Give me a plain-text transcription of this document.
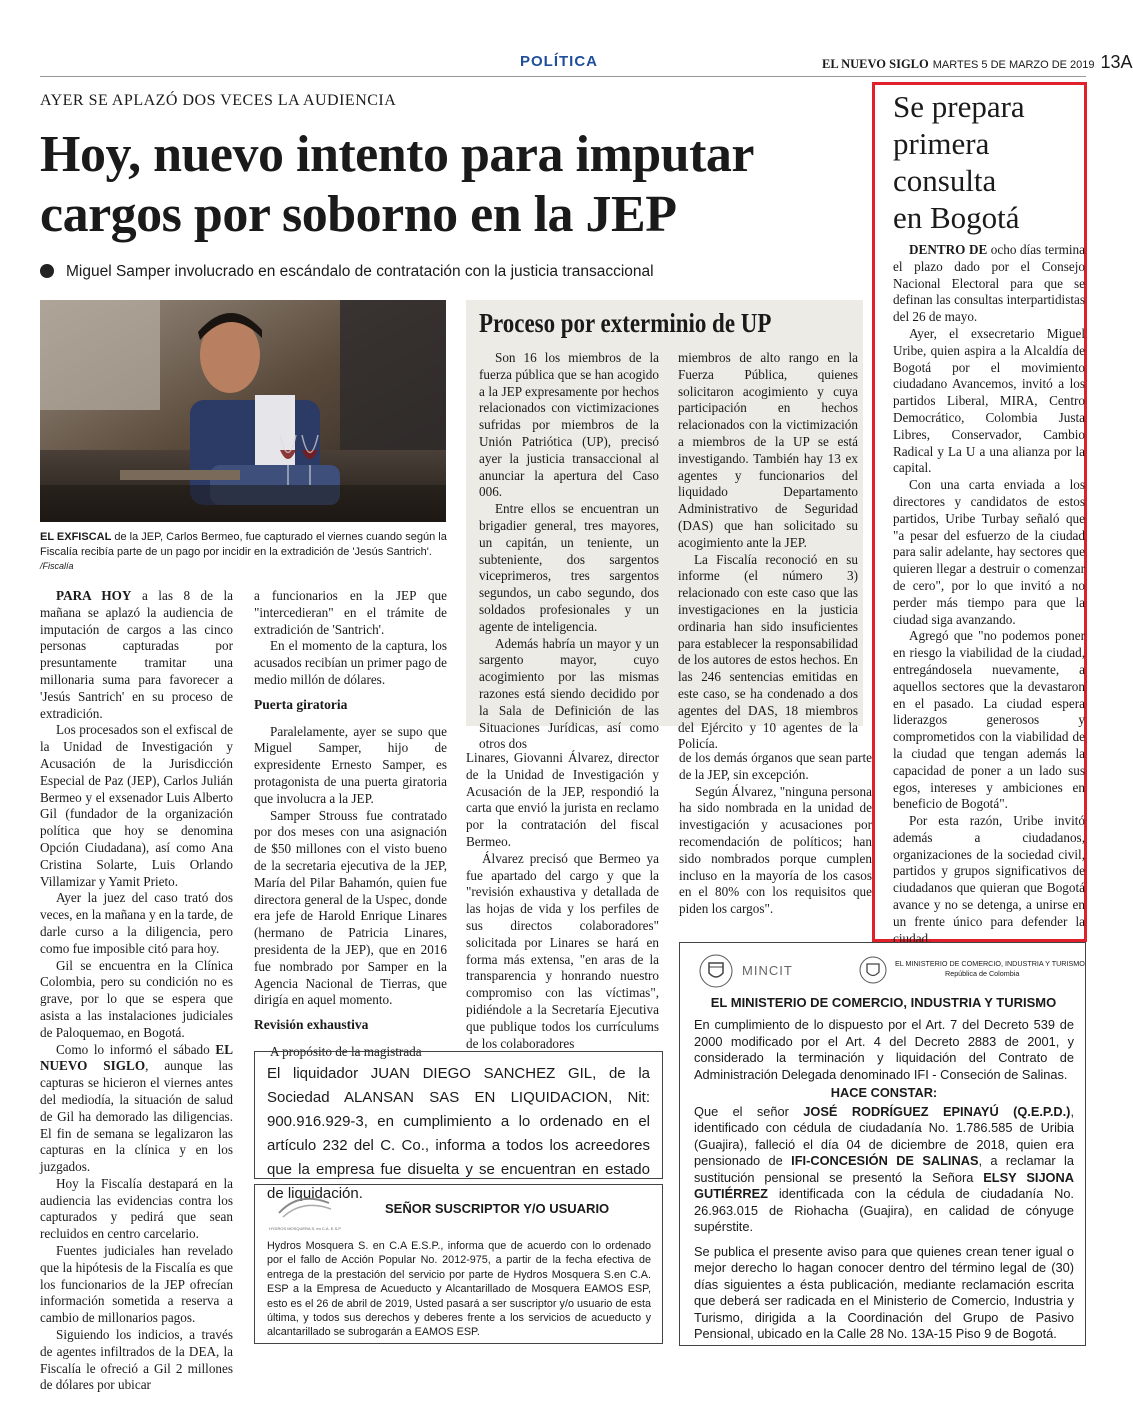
POLÍTICA	EL NUEVO SIGLO MARTES 5 DE MARZO DE 2019 13A
AYER SE APLAZÓ DOS VECES LA AUDIENCIA
Hoy, nuevo intento para imputar
cargos por soborno en la JEP
Miguel Samper involucrado en escándalo de contratación con la justicia transaccional
EL EXFISCAL de la JEP, Carlos Bermeo, fue capturado el viernes cuando según la Fiscalía recibía parte de un pago por incidir en la extradición de 'Jesús Santrich'. /Fiscalía

PARA HOY a las 8 de la mañana se aplazó la audiencia de imputación de cargos a las cinco personas capturadas por presuntamente tramitar una millonaria suma para favorecer a 'Jesús Santrich' en su proceso de extradición.

Los procesados son el exfiscal de la Unidad de Investigación y Acusación de la Jurisdicción Especial de Paz (JEP), Carlos Julián Bermeo y el exsenador Luis Alberto Gil (fundador de la organización política que hoy se denomina Opción Ciudadana), así como Ana Cristina Solarte, Luis Orlando Villamizar y Yamit Prieto.

Ayer la juez del caso trató dos veces, en la mañana y en la tarde, de darle curso a la diligencia, pero como fue imposible citó para hoy.

Gil se encuentra en la Clínica Colombia, pero su condición no es grave, por lo que se espera que asista a las instalaciones judiciales de Paloquemao, en Bogotá.

Como lo informó el sábado EL NUEVO SIGLO, aunque las capturas se hicieron el viernes antes del mediodía, la situación de salud de Gil ha demorado las diligencias. El fin de semana se legalizaron las capturas en la clínica y en los juzgados.

Hoy la Fiscalía destapará en la audiencia las evidencias contra los capturados y pedirá que sean recluidos en centro carcelario.

Fuentes judiciales han revelado que la hipótesis de la Fiscalía es que los funcionarios de la JEP ofrecían información sometida a reserva a cambio de millonarios pagos.

Siguiendo los indicios, a través de agentes infiltrados de la DEA, la Fiscalía le ofreció a Gil 2 millones de dólares por ubicar

a funcionarios en la JEP que "intercedieran" en el trámite de extradición de 'Santrich'.

En el momento de la captura, los acusados recibían un primer pago de medio millón de dólares.

Puerta giratoria

Paralelamente, ayer se supo que Miguel Samper, hijo de expresidente Ernesto Samper, es protagonista de una puerta giratoria que involucra a la JEP.

Samper Strouss fue contratado por dos meses con una asignación de $50 millones con el visto bueno de la secretaria ejecutiva de la JEP, María del Pilar Bahamón, quien fue directora general de la Uspec, donde era jefe de Harold Enrique Linares (hermano de Patricia Linares, presidenta de la JEP), que en 2016 fue nombrado por Samper en la Agencia Nacional de Tierras, que dirigía en aquel momento.

Revisión exhaustiva

A propósito de la magistrada

Proceso por exterminio de UP

Son 16 los miembros de la fuerza pública que se han acogido a la JEP expresamente por hechos relacionados con victimizaciones sufridas por miembros de la Unión Patriótica (UP), precisó ayer la justicia transaccional al anunciar la apertura del Caso 006.

Entre ellos se encuentran un brigadier general, tres mayores, un capitán, un teniente, un subteniente, dos sargentos viceprimeros, tres sargentos segundos, un cabo segundo, dos soldados profesionales y un agente de inteligencia.

Además habría un mayor y un sargento mayor, cuyo acogimiento por las mismas razones está siendo decidido por la Sala de Definición de las Situaciones Jurídicas, así como otros dos

miembros de alto rango en la Fuerza Pública, quienes solicitaron acogimiento y cuya participación en hechos relacionados con la victimización a miembros de la UP se está investigando. También hay 13 ex agentes y funcionarios del liquidado Departamento Administrativo de Seguridad (DAS) que han solicitado su acogimiento ante la JEP.

La Fiscalía reconoció en su informe (el número 3) relacionado con este caso que las investigaciones en la justicia ordinaria han sido insuficientes para establecer la responsabilidad de los autores de estos hechos. En las 246 sentencias emitidas en este caso, se ha condenado a dos agentes del DAS, 18 miembros del Ejército y 10 agentes de la Policía.

Linares, Giovanni Álvarez, director de la Unidad de Investigación y Acusación de la JEP, respondió la carta que envió la jurista en reclamo por la contratación del fiscal Bermeo.

Álvarez precisó que Bermeo ya fue apartado del cargo y que la "revisión exhaustiva y detallada de las hojas de vida y los perfiles de sus directos colaboradores" solicitada por Linares se hará en forma más extensa, "en aras de la transparencia y honrando nuestro compromiso con las víctimas", pidiéndole a la Secretaría Ejecutiva que publique todos los currículums de los colaboradores

de los demás órganos que sean parte de la JEP, sin excepción.

Según Álvarez, "ninguna persona ha sido nombrada en la unidad de investigación y acusaciones por recomendación de políticos; han sido nombrados porque cumplen incluso en la mayoría de los casos en el 80% con los requisitos que piden los cargos".

Se prepara
primera
consulta
en Bogotá

DENTRO DE ocho días termina el plazo dado por el Consejo Nacional Electoral para que se definan las consultas interpartidistas del 26 de mayo.

Ayer, el exsecretario Miguel Uribe, quien aspira a la Alcaldía de Bogotá por el movimiento ciudadano Avancemos, invitó a los partidos Liberal, MIRA, Centro Democrático, Colombia Justa Libres, Conservador, Cambio Radical y La U a una alianza por la capital.

Con una carta enviada a los directores y candidatos de estos partidos, Uribe Turbay señaló que "a pesar del esfuerzo de la ciudad para salir adelante, hay sectores que quieren llegar a destruir o comenzar de cero", por lo que invitó a no perder más tiempo para que la ciudad siga avanzando.

Agregó que "no podemos poner en riesgo la viabilidad de la ciudad, entregándosela nuevamente, a aquellos sectores que la devastaron en el pasado. La ciudad espera liderazgos generosos y comprometidos con la viabilidad de la ciudad que tengan además la capacidad de poner a un lado sus egos, intereses y ambiciones en beneficio de Bogotá".

Por esta razón, Uribe invitó además a ciudadanos, organizaciones de la sociedad civil, partidos y grupos significativos de ciudadanos que quieran que Bogotá avance y no se detenga, a unirse en un frente único para defender la ciudad.

El liquidador JUAN DIEGO SANCHEZ GIL, de la Sociedad ALANSAN SAS EN LIQUIDACION, Nit: 900.916.929-3, en cumplimiento a lo ordenado en el artículo 232 del C. Co., informa a todos los acreedores que la empresa fue disuelta y se encuentran en estado de liquidación.
HYDROS MOSQUERA S. en C.A. E.S.P
SEÑOR SUSCRIPTOR Y/O USUARIO
Hydros Mosquera S. en C.A E.S.P., informa que de acuerdo con lo ordenado por el fallo de Acción Popular No. 2012-975, a partir de la fecha efectiva de entrega de la prestación del servicio por parte de Hydros Mosquera S.en C.A. ESP a la Empresa de Acueducto y Alcantarillado de Mosquera EAMOS ESP, esto es el 26 de abril de 2019, Usted pasará a ser suscriptor y/o usuario de esta última, y todos sus derechos y deberes frente a los servicios de acueducto y alcantarillado se subrogarán a EAMOS ESP.
MINCIT	EL MINISTERIO DE COMERCIO, INDUSTRIA Y TURISMO
República de Colombia
EL MINISTERIO DE COMERCIO, INDUSTRIA Y TURISMO
En cumplimiento de lo dispuesto por el Art. 7 del Decreto 539 de 2000 modificado por el Art. 4 del Decreto 2883 de 2001, y considerado la terminación y liquidación del Contrato de Administración Delegada denominado IFI - Conseción de Salinas.
HACE CONSTAR:
Que el señor JOSÉ RODRÍGUEZ EPINAYÚ (Q.E.P.D.), identificado con cédula de ciudadanía No. 1.786.585 de Uribia (Guajira), falleció el día 04 de diciembre de 2018, quien era pensionado de IFI-CONCESIÓN DE SALINAS, a reclamar la sustitución pensional se presentó la Señora ELSY SIJONA GUTIÉRREZ identificada con la cédula de ciudadanía No. 26.963.015 de Riohacha (Guajira), en calidad de cónyuge supérstite.
Se publica el presente aviso para que quienes crean tener igual o mejor derecho lo hagan conocer dentro del término legal de (30) días siguientes a ésta publicación, mediante reclamación escrita que deberá ser radicada en el Ministerio de Comercio, Industria y Turismo, dirigida a la Coordinación del Grupo de Pasivo Pensional, ubicado en la Calle 28 No. 13A-15 Piso 9 de Bogotá.
